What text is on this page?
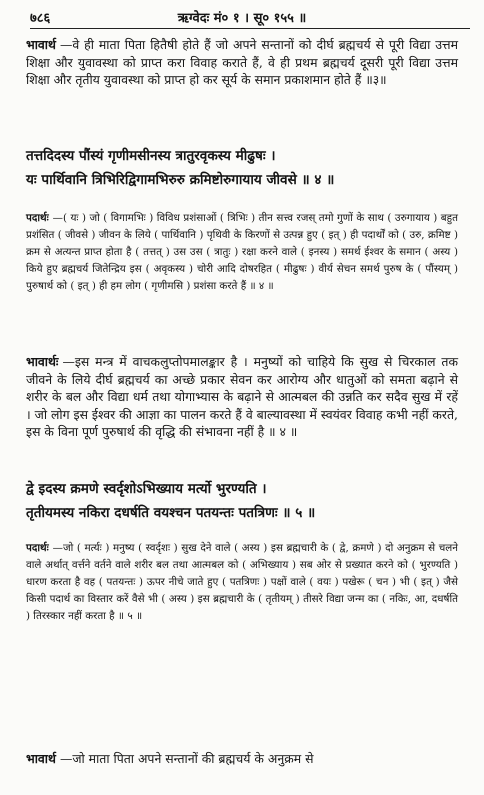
७८६	ऋग्वेदः मं० १ । सू० १५५ ॥

भावार्थ —वे ही माता पिता हितैषी होते हैं जो अपने सन्तानों को दीर्घ ब्रह्मचर्य से पूरी विद्या उत्तम शिक्षा और युवावस्था को प्राप्त करा विवाह कराते हैं, वे ही प्रथम ब्रह्मचर्य दूसरी पूरी विद्या उत्तम शिक्षा और तृतीय युवावस्था को प्राप्त हो कर सूर्य के समान प्रकाशमान होते हैं ॥३॥

तत्तदिदस्य पौंस्यं गृणीमसीनस्य त्रातुरवृकस्य मीढुषः ।
यः पार्थिवानि त्रिभिरिद्विगामभिरुरु क्रमिष्टोरुगायाय जीवसे ॥ ४ ॥

पदार्थः —( यः ) जो ( विगामभिः ) विविध प्रशंसाओं ( त्रिभिः ) तीन सत्त्व रजस् तमो गुणों के साथ ( उरुगायाय ) बहुत प्रशंसित ( जीवसे ) जीवन के लिये ( पार्थिवानि ) पृथिवी के किरणों से उत्पन्न हुए ( इत् ) ही पदार्थों को ( उरु, क्रमिष्ट ) क्रम से अत्यन्त प्राप्त होता है ( तत्तत् ) उस उस ( त्रातुः ) रक्षा करने वाले ( इनस्य ) समर्थ ईश्वर के समान ( अस्य ) किये हुए ब्रह्मचर्य जितेन्द्रिय इस ( अवृकस्य ) चोरी आदि दोषरहित ( मीढुषः ) वीर्य सेचन समर्थ पुरुष के ( पौंस्यम् ) पुरुषार्थ को ( इत् ) ही हम लोग ( गृणीमसि ) प्रशंसा करते हैं ॥ ४ ॥

भावार्थः —इस मन्त्र में वाचकलुप्तोपमालङ्कार है । मनुष्यों को चाहिये कि सुख से चिरकाल तक जीवने के लिये दीर्घ ब्रह्मचर्य का अच्छे प्रकार सेवन कर आरोग्य और धातुओं को समता बढ़ाने से शरीर के बल और विद्या धर्म तथा योगाभ्यास के बढ़ाने से आत्मबल की उन्नति कर सदैव सुख में रहें । जो लोग इस ईश्वर की आज्ञा का पालन करते हैं वे बाल्यावस्था में स्वयंवर विवाह कभी नहीं करते, इस के विना पूर्ण पुरुषार्थ की वृद्धि की संभावना नहीं है ॥ ४ ॥

द्वे इदस्य क्रमणे स्वर्दृशोऽभिख्याय मर्त्यो भुरण्यति ।
तृतीयमस्य नकिरा दधर्षति वयश्चन पतयन्तः पतत्रिणः ॥ ५ ॥

पदार्थः —जो ( मर्त्यः ) मनुष्य ( स्वर्दृशः ) सुख देने वाले ( अस्य ) इस ब्रह्मचारी के ( द्वे, क्रमणे ) दो अनुक्रम से चलने वाले अर्थात् वर्त्तने वर्तने वाले शरीर बल तथा आत्मबल को ( अभिख्याय ) सब ओर से प्रख्यात करने को ( भुरण्यति ) धारण करता है वह ( पतयन्तः ) ऊपर नीचे जाते हुए ( पतत्रिणः ) पक्षों वाले ( वयः ) पखेरू ( चन ) भी ( इत् ) जैसे किसी पदार्थ का विस्तार करें वैसे भी ( अस्य ) इस ब्रह्मचारी के ( तृतीयम् ) तीसरे विद्या जन्म का ( नकिः, आ, दधर्षति ) तिरस्कार नहीं करता है ॥ ५ ॥

भावार्थ —जो माता पिता अपने सन्तानों की ब्रह्मचर्य के अनुक्रम से
